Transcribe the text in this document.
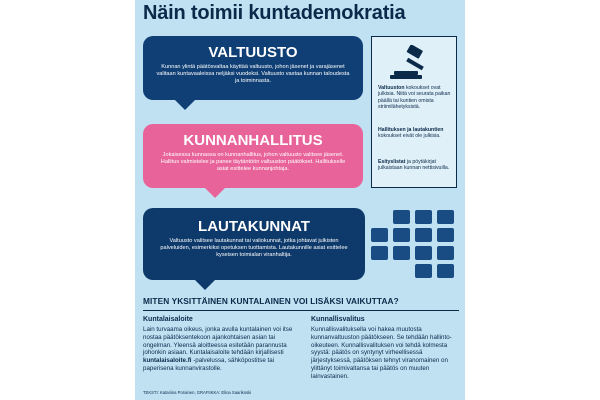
Näin toimii kuntademokratia
VALTUUSTO
Kunnan ylintä päätösvaltaa käyttää valtuusto, johon jäsenet ja varajäsenet valitaan kuntavaaleissa neljäksi vuodeksi. Valtuusto vastaa kunnan taloudesta ja toiminnasta.
KUNNANHALLITUS
Jokaisessa kunnassa on kunnanhallitus, johon valtuusto valitsee jäsenet. Hallitus valmistelee ja panee täytäntöön valtuuston päätökset. Hallitukselle asiat esittelee kunnanjohtaja.
LAUTAKUNNAT
Valtuusto valitsee lautakunnat tai valiokunnat, jotka johtavat julkisten palveluiden, esimerkiksi opetuksen tuottamista. Lautakunnille asiat esittelee kyseisen toimialan viranhaltija.
Valtuuston kokoukset ovat julkisia. Niitä voi seurata paikan päällä tai kuntien omista striimilähetyksistä.
Hallituksen ja lautakuntien kokoukset eivät ole julkisia.
Esityslistat ja pöytäkirjat julkaistaan kunnan nettisivuilla.
MITEN YKSITTÄINEN KUNTALAINEN VOI LISÄKSI VAIKUTTAA?
Kuntalaisaloite

Lain turvaama oikeus, jonka avulla kuntalainen voi itse nostaa päätöksentekoon ajankohtaisen asian tai ongelman. Yleensä aloitteessa esitetään parannusta johonkin asiaan. Kuntalaisaloite tehdään kirjallisesti kuntalaisaloite.fi -palvelussa, sähköpostitse tai paperisena kunnanvirastolle.

Kunnallisvalitus

Kunnallisvalituksella voi hakea muutosta kunnanvaltuuston päätökseen. Se tehdään hallinto-oikeuteen. Kunnallisvalituksen voi tehdä kolmesta syystä: päätös on syntynyt virheellisessä järjestyksessä, päätöksen tehnyt viranomainen on ylittänyt toimivaltansa tai päätös on muuten lainvastainen.

TEKSTI: Katariina Porainen, GRAFIIKKA: Elina Saarikoski
